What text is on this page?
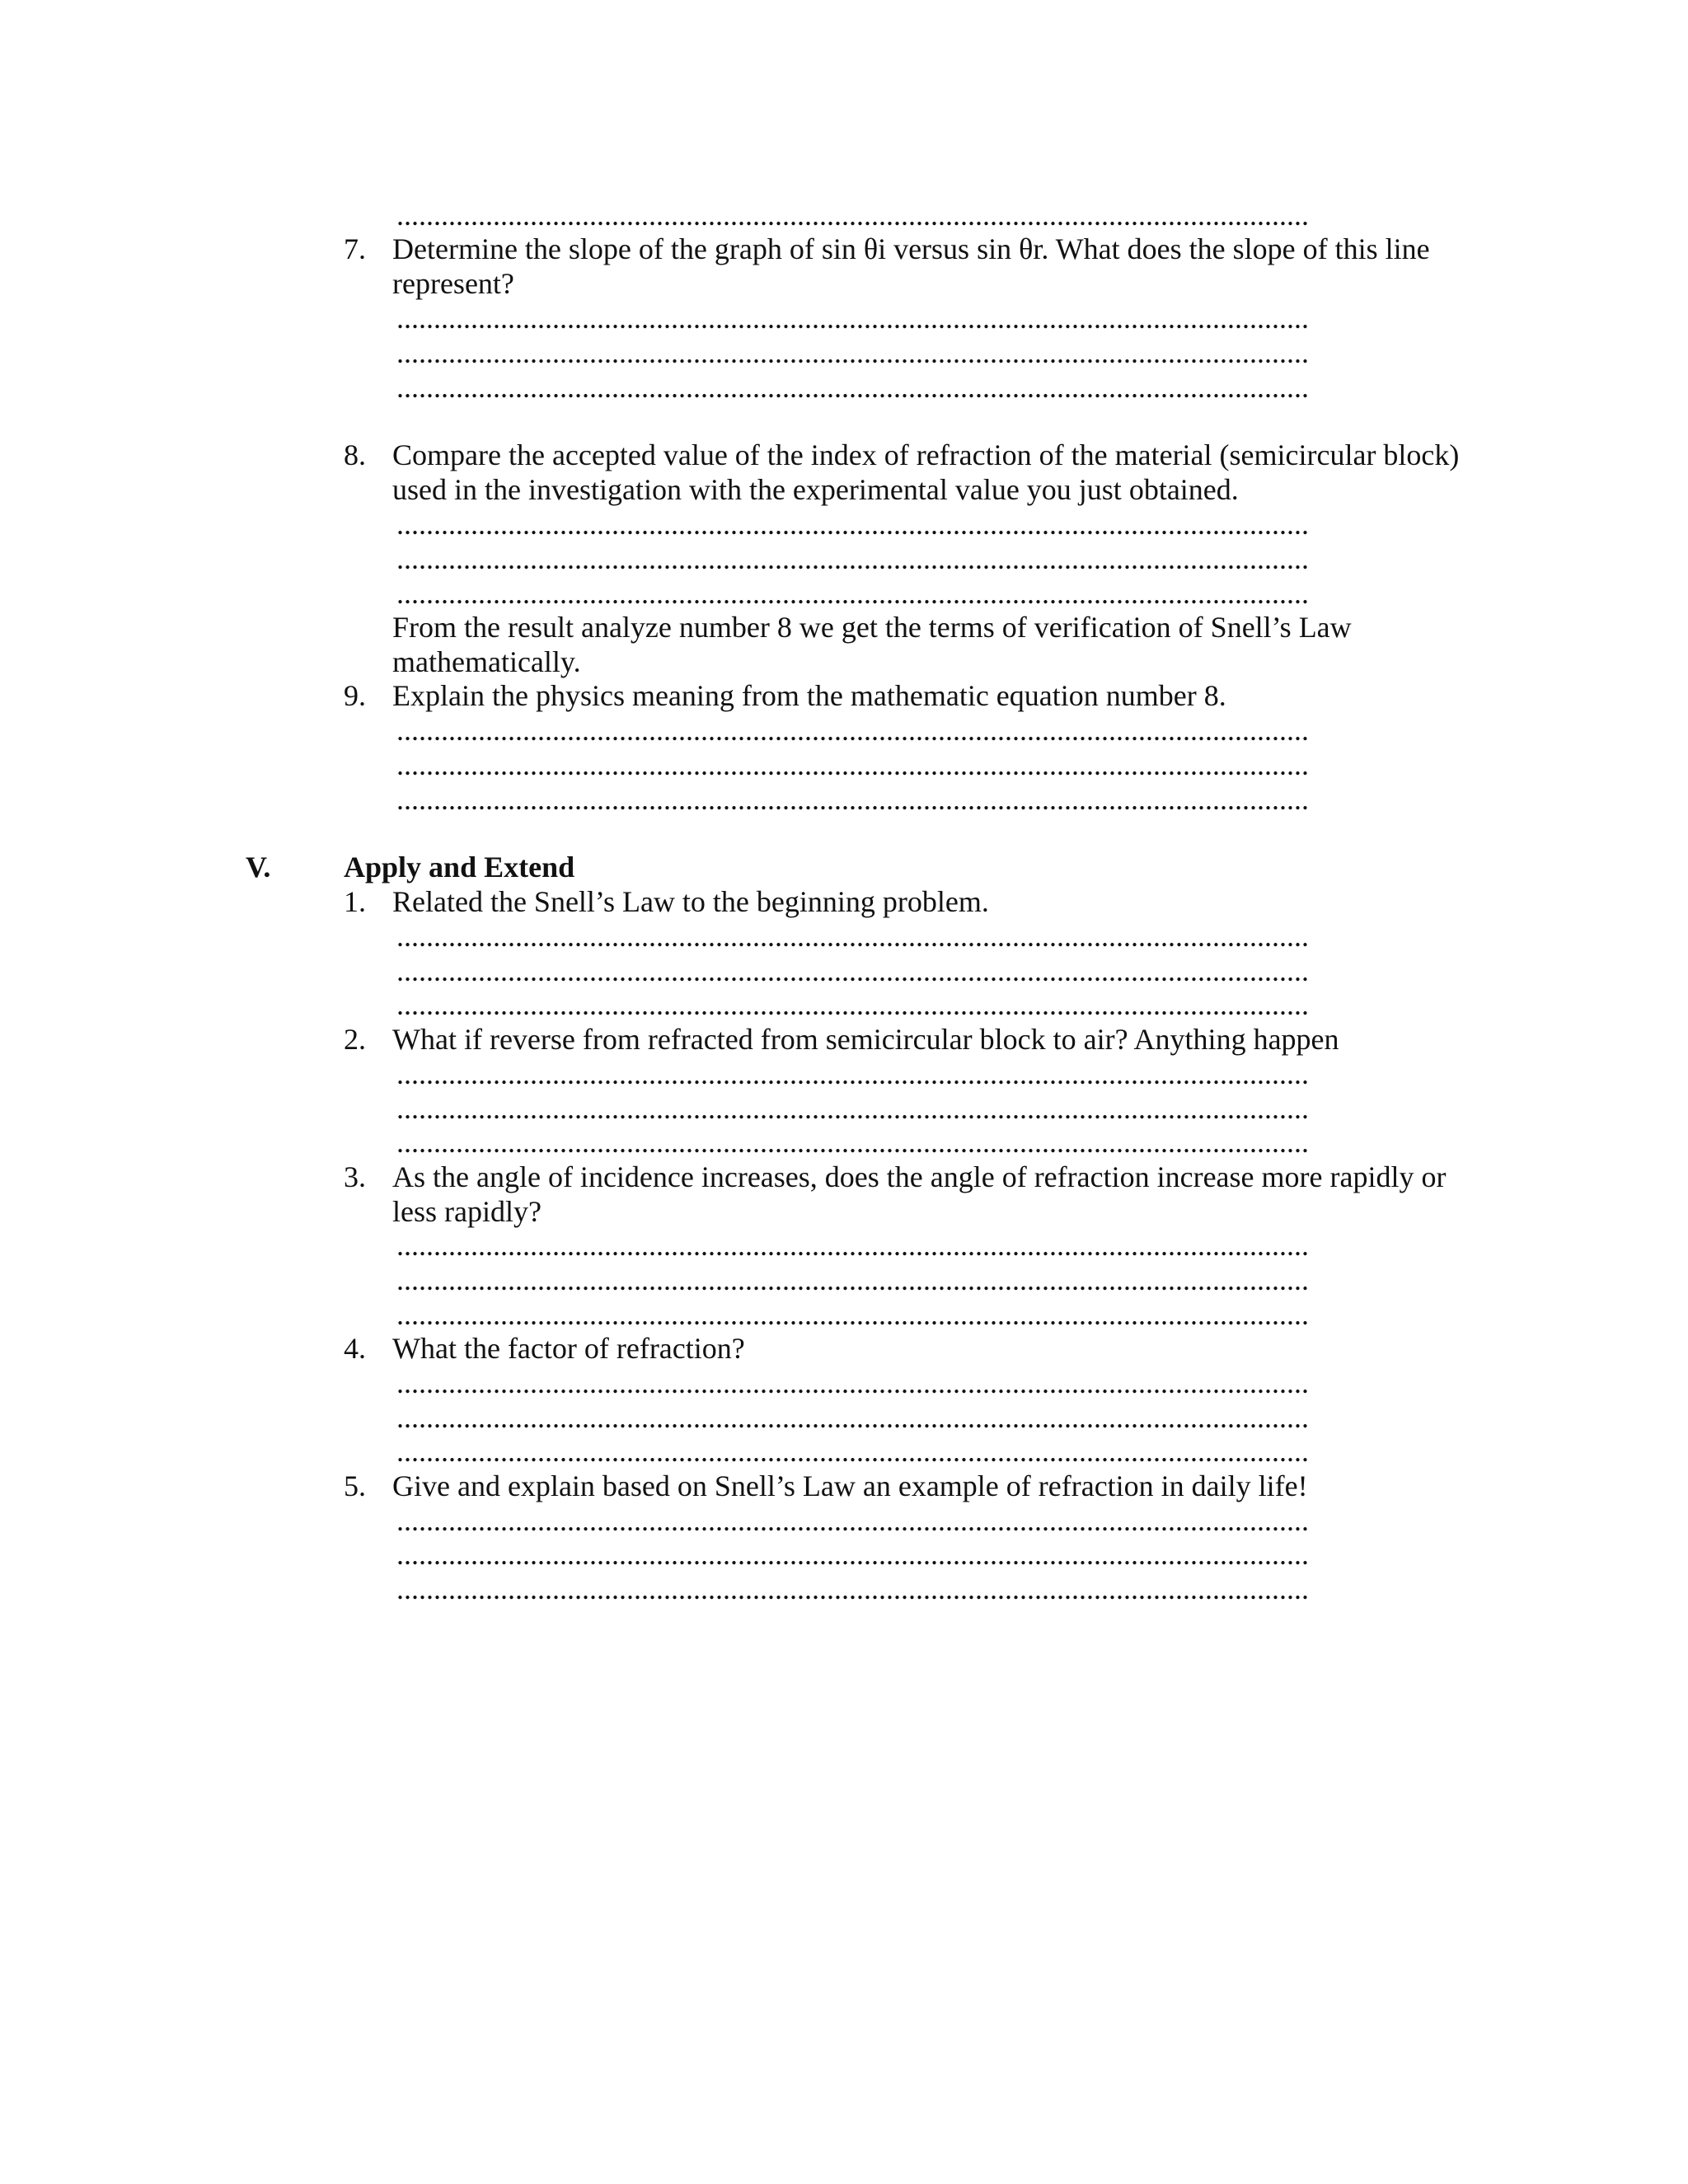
...........................................................................................................................
7. Determine the slope of the graph of sin θi versus sin θr. What does the slope of this line
represent?
...........................................................................................................................
...........................................................................................................................
...........................................................................................................................
8. Compare the accepted value of the index of refraction of the material (semicircular block)
used in the investigation with the experimental value you just obtained.
...........................................................................................................................
...........................................................................................................................
...........................................................................................................................
From the result analyze number 8 we get the terms of verification of Snell’s Law
mathematically.
9. Explain the physics meaning from the mathematic equation number 8.
...........................................................................................................................
...........................................................................................................................
...........................................................................................................................
V. Apply and Extend
1. Related the Snell’s Law to the beginning problem.
...........................................................................................................................
...........................................................................................................................
...........................................................................................................................
2. What if reverse from refracted from semicircular block to air? Anything happen
...........................................................................................................................
...........................................................................................................................
...........................................................................................................................
3. As the angle of incidence increases, does the angle of refraction increase more rapidly or
less rapidly?
...........................................................................................................................
...........................................................................................................................
...........................................................................................................................
4. What the factor of refraction?
...........................................................................................................................
...........................................................................................................................
...........................................................................................................................
5. Give and explain based on Snell’s Law an example of refraction in daily life!
...........................................................................................................................
...........................................................................................................................
...........................................................................................................................
